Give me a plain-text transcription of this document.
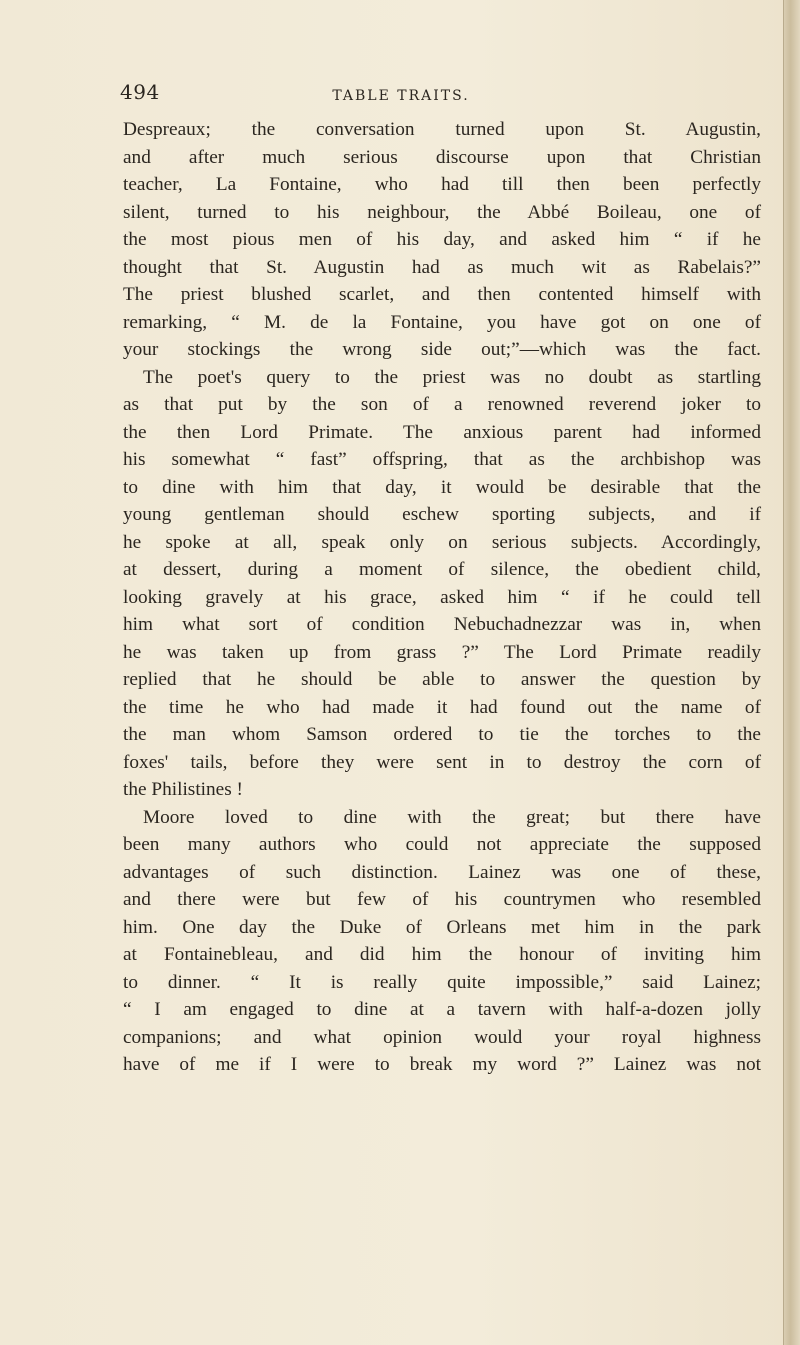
494	TABLE TRAITS.
Despreaux; the conversation turned upon St. Augustin,
and after much serious discourse upon that Christian
teacher, La Fontaine, who had till then been perfectly
silent, turned to his neighbour, the Abbé Boileau, one of
the most pious men of his day, and asked him “ if he
thought that St. Augustin had as much wit as Rabelais?”
The priest blushed scarlet, and then contented himself with
remarking, “ M. de la Fontaine, you have got on one of
your stockings the wrong side out;”—which was the fact.
The poet's query to the priest was no doubt as startling
as that put by the son of a renowned reverend joker to
the then Lord Primate. The anxious parent had informed
his somewhat “ fast” offspring, that as the archbishop was
to dine with him that day, it would be desirable that the
young gentleman should eschew sporting subjects, and if
he spoke at all, speak only on serious subjects. Accordingly,
at dessert, during a moment of silence, the obedient child,
looking gravely at his grace, asked him “ if he could tell
him what sort of condition Nebuchadnezzar was in, when
he was taken up from grass ?” The Lord Primate readily
replied that he should be able to answer the question by
the time he who had made it had found out the name of
the man whom Samson ordered to tie the torches to the
foxes' tails, before they were sent in to destroy the corn of
the Philistines !
Moore loved to dine with the great; but there have
been many authors who could not appreciate the supposed
advantages of such distinction. Lainez was one of these,
and there were but few of his countrymen who resembled
him. One day the Duke of Orleans met him in the park
at Fontainebleau, and did him the honour of inviting him
to dinner. “ It is really quite impossible,” said Lainez;
“ I am engaged to dine at a tavern with half-a-dozen jolly
companions; and what opinion would your royal highness
have of me if I were to break my word ?” Lainez was not
